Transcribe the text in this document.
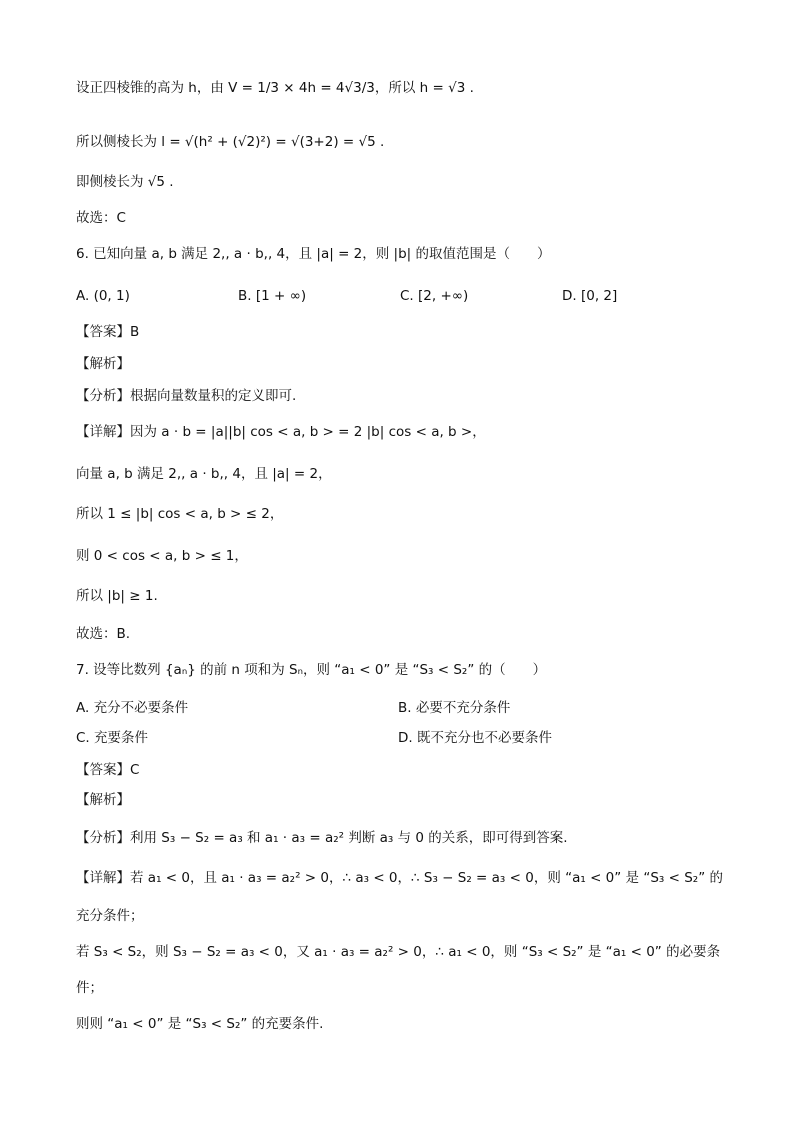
设正四棱锥的高为 h，由 V = 1/3 × 4h = 4√3/3，所以 h = √3 .
所以侧棱长为 l = √(h² + (√2)²) = √(3+2) = √5 .
即侧棱长为 √5 .
故选：C
6. 已知向量 a, b 满足 2,, a · b,, 4，且 |a| = 2，则 |b| 的取值范围是（　　）
A. (0, 1)	B. [1 + ∞)	C. [2, +∞)	D. [0, 2]
【答案】B
【解析】
【分析】根据向量数量积的定义即可.
【详解】因为 a · b = |a||b| cos < a, b > = 2 |b| cos < a, b >，
向量 a, b 满足 2,, a · b,, 4，且 |a| = 2，
所以 1 ≤ |b| cos < a, b > ≤ 2，
则 0 < cos < a, b > ≤ 1，
所以 |b| ≥ 1.
故选：B.
7. 设等比数列 {aₙ} 的前 n 项和为 Sₙ，则 “a₁ < 0” 是 “S₃ < S₂” 的（　　）
A. 充分不必要条件	B. 必要不充分条件
C. 充要条件	D. 既不充分也不必要条件
【答案】C
【解析】
【分析】利用 S₃ − S₂ = a₃ 和 a₁ · a₃ = a₂² 判断 a₃ 与 0 的关系，即可得到答案.
【详解】若 a₁ < 0，且 a₁ · a₃ = a₂² > 0，∴ a₃ < 0，∴ S₃ − S₂ = a₃ < 0，则 “a₁ < 0” 是 “S₃ < S₂” 的
充分条件；
若 S₃ < S₂，则 S₃ − S₂ = a₃ < 0，又 a₁ · a₃ = a₂² > 0，∴ a₁ < 0，则 “S₃ < S₂” 是 “a₁ < 0” 的必要条
件；
则则 “a₁ < 0” 是 “S₃ < S₂” 的充要条件.
